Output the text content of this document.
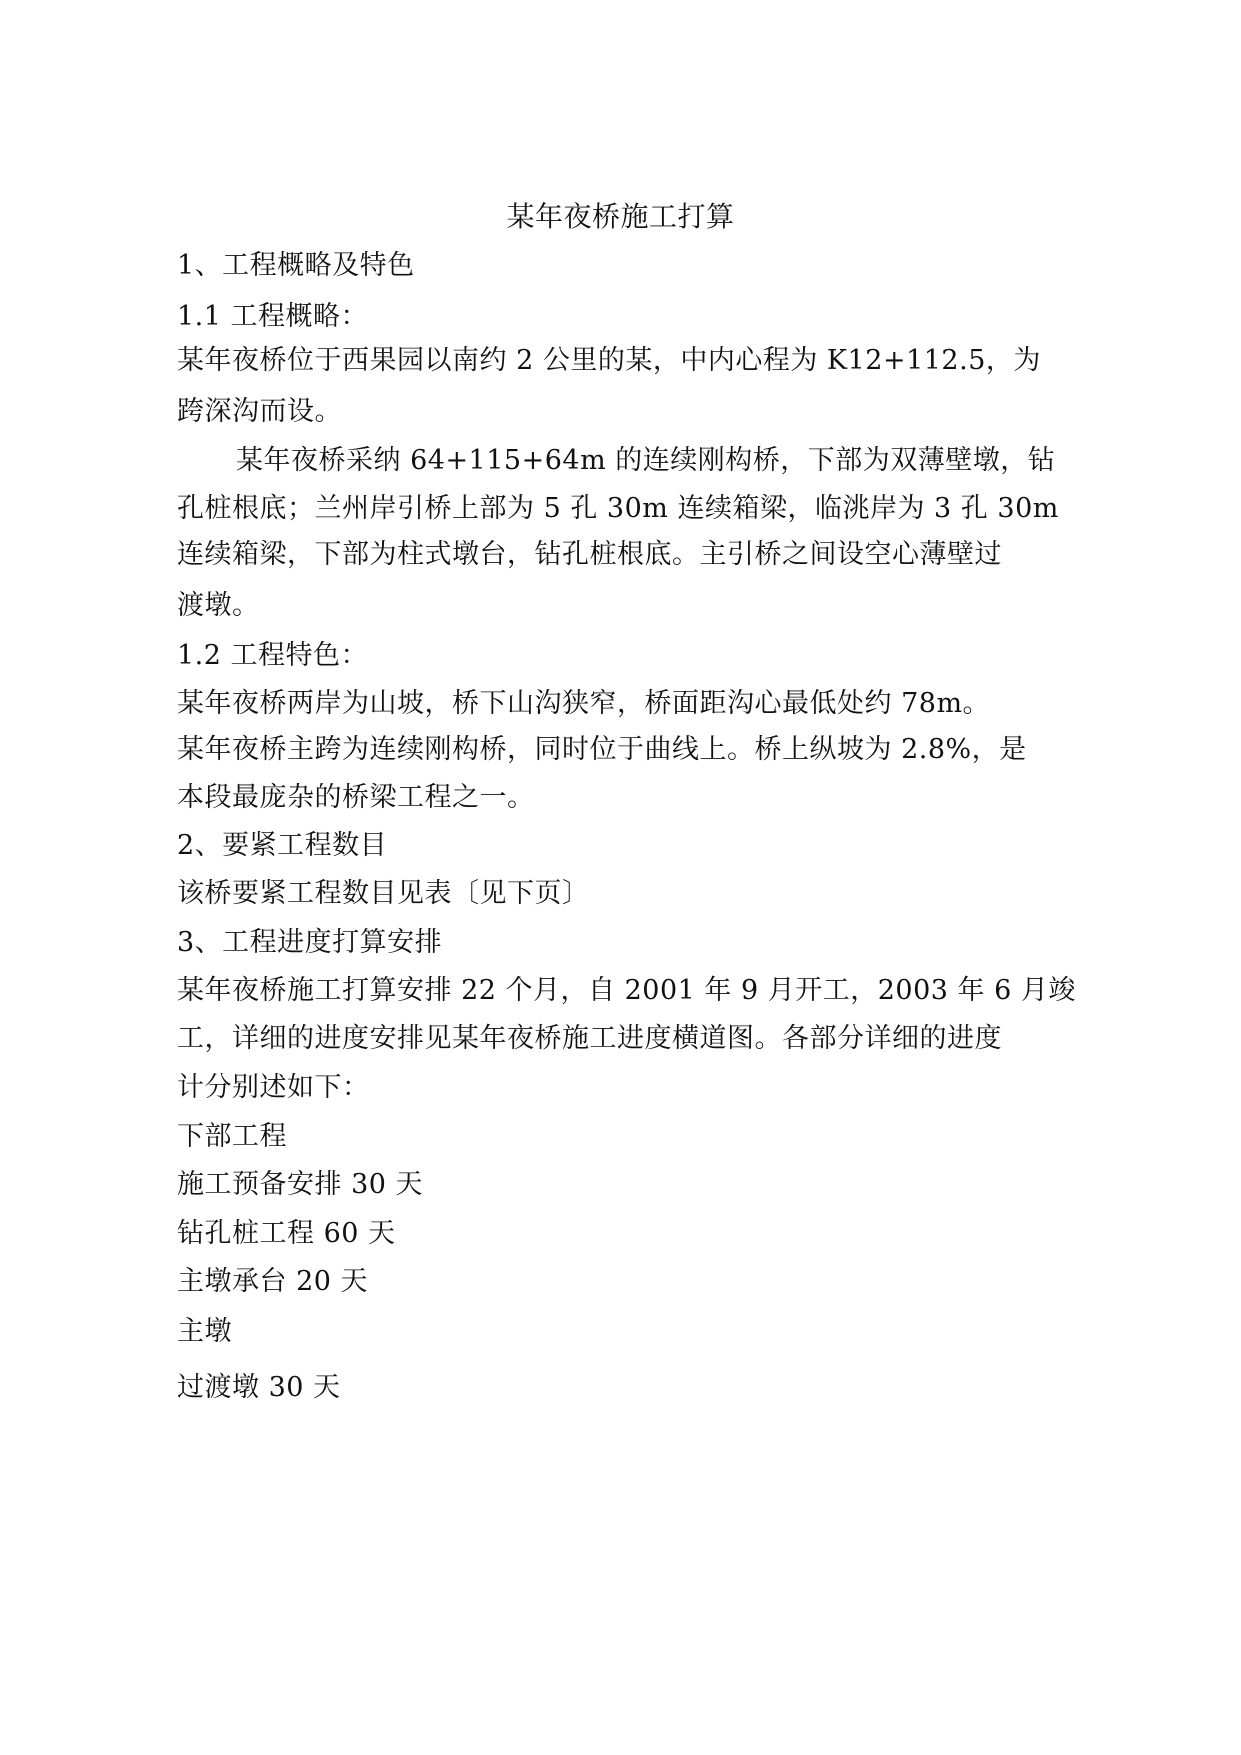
某年夜桥施工打算
1、工程概略及特色
1.1 工程概略：
某年夜桥位于西果园以南约 2 公里的某，中内心程为 K12+112.5，为
跨深沟而设。
某年夜桥采纳 64+115+64m 的连续刚构桥，下部为双薄壁墩，钻
孔桩根底；兰州岸引桥上部为 5 孔 30m 连续箱梁，临洮岸为 3 孔 30m
连续箱梁，下部为柱式墩台，钻孔桩根底。主引桥之间设空心薄壁过
渡墩。
1.2 工程特色：
某年夜桥两岸为山坡，桥下山沟狭窄，桥面距沟心最低处约 78m。
某年夜桥主跨为连续刚构桥，同时位于曲线上。桥上纵坡为 2.8%，是
本段最庞杂的桥梁工程之一。
2、要紧工程数目
该桥要紧工程数目见表〔见下页〕
3、工程进度打算安排
某年夜桥施工打算安排 22 个月，自 2001 年 9 月开工，2003 年 6 月竣
工，详细的进度安排见某年夜桥施工进度横道图。各部分详细的进度
计分别述如下：
下部工程
施工预备安排 30 天
钻孔桩工程 60 天
主墩承台 20 天
主墩
过渡墩 30 天
